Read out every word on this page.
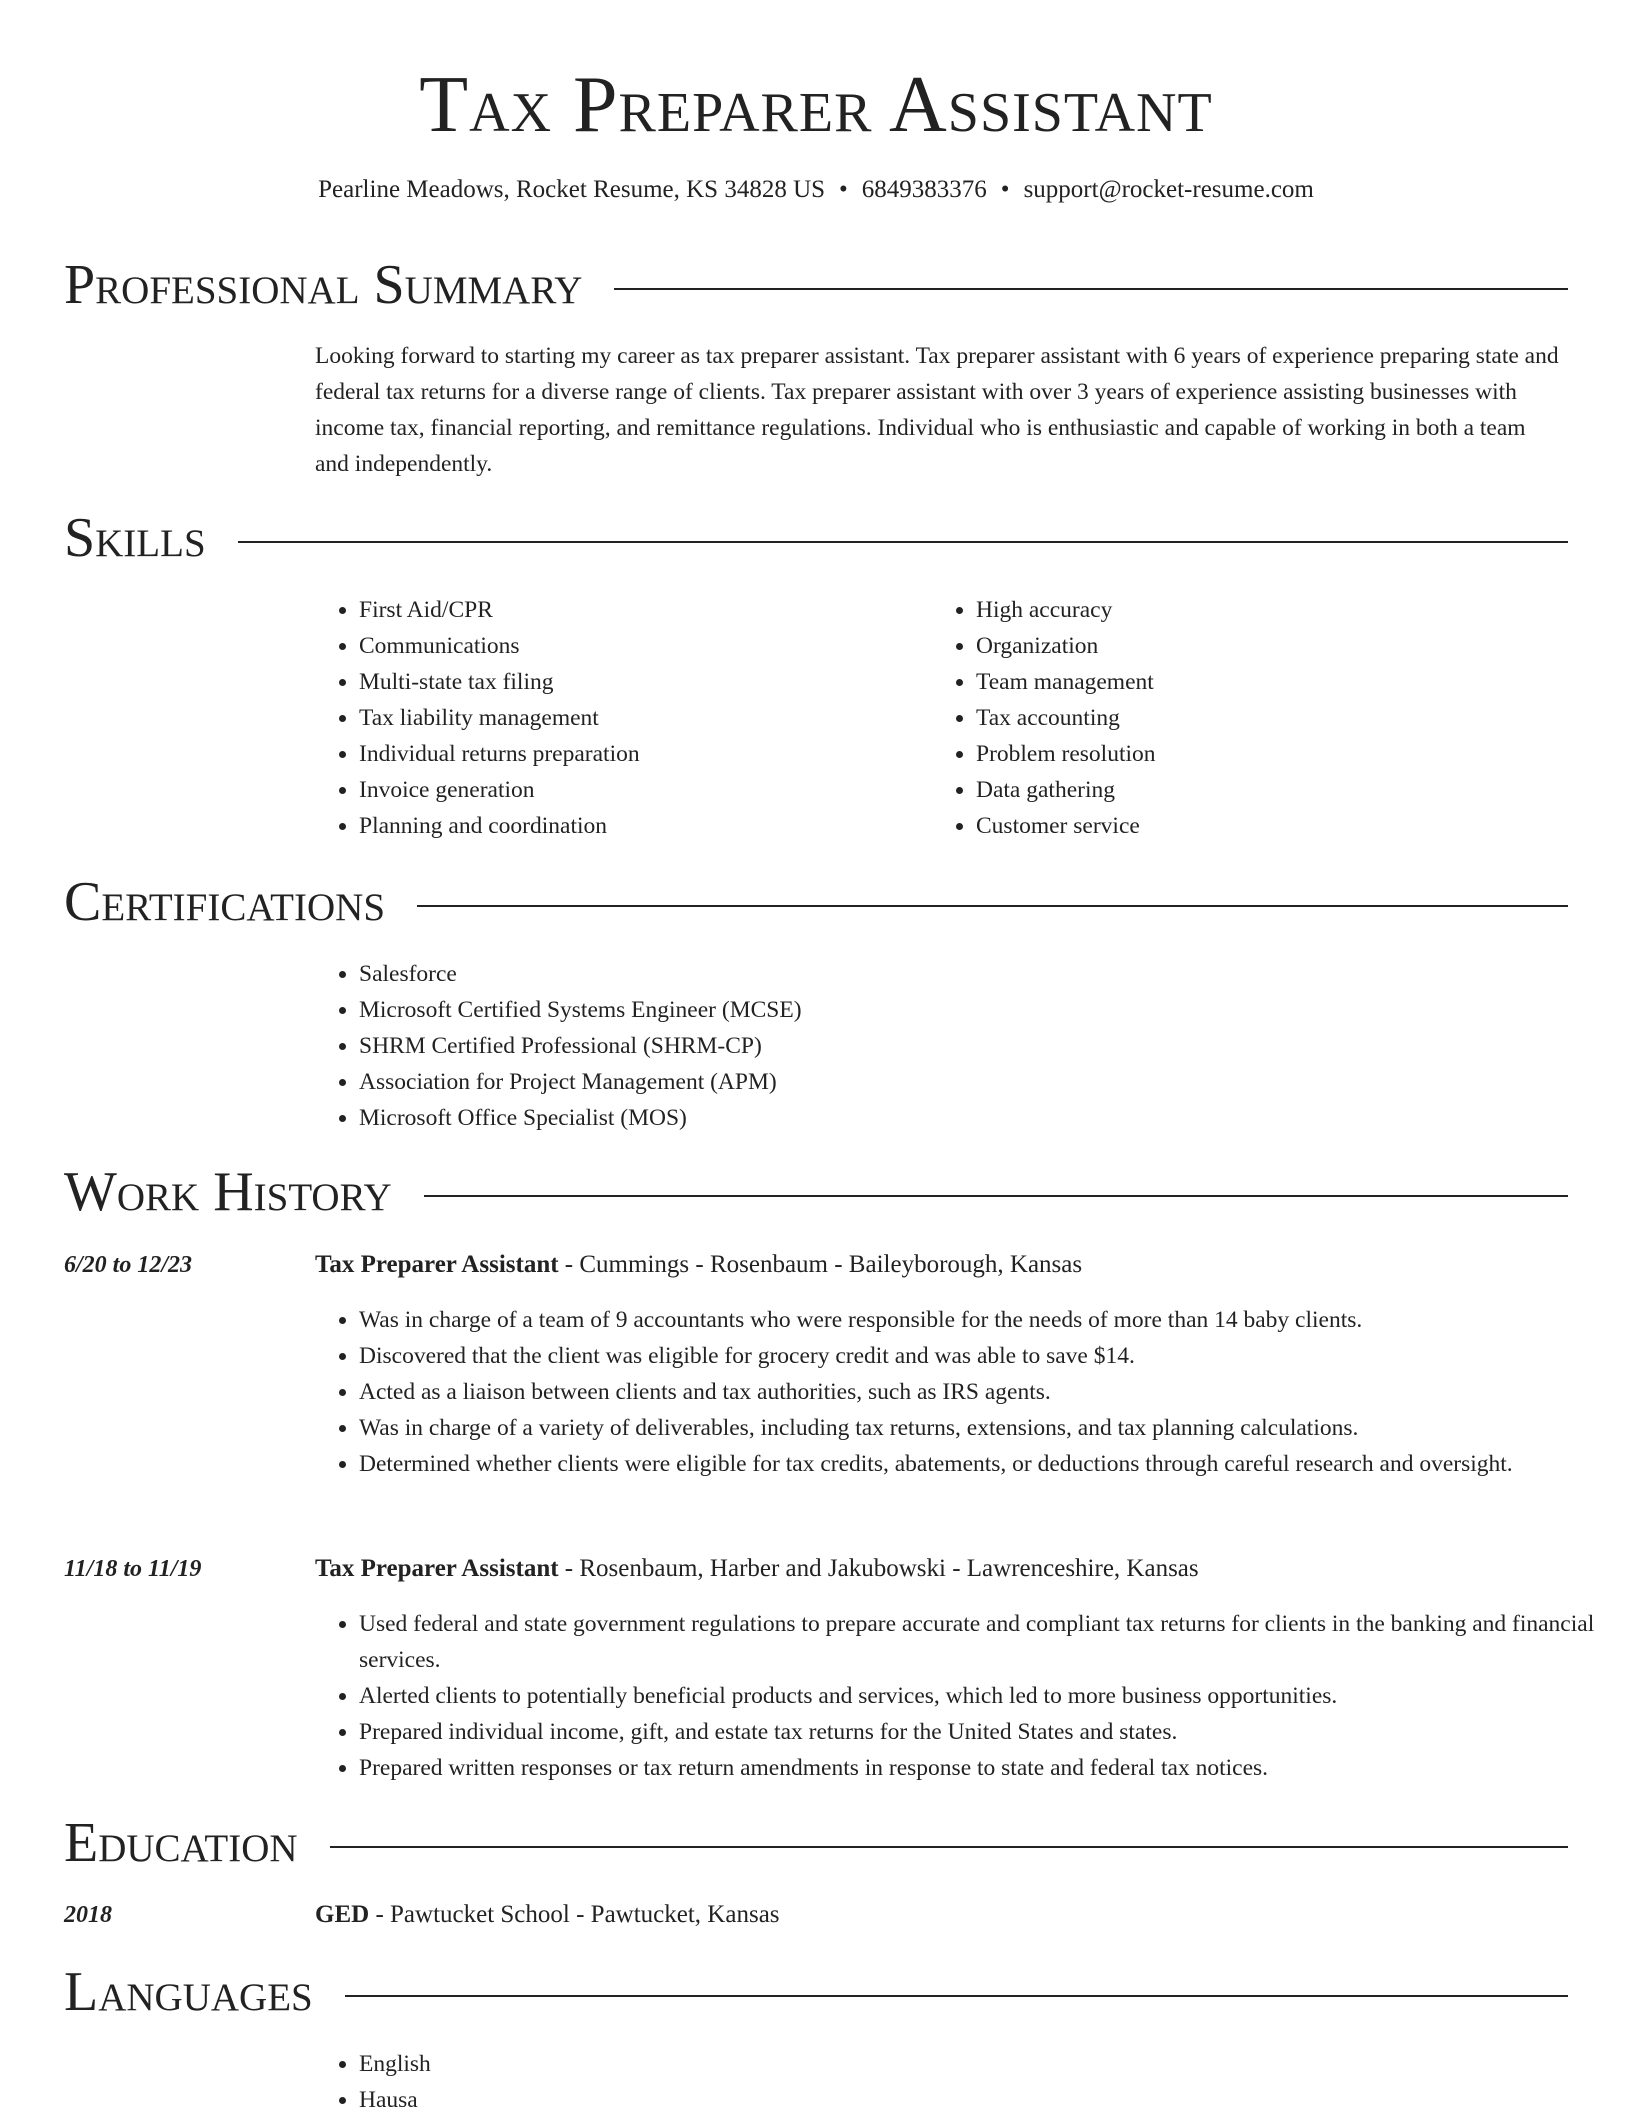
Tax Preparer Assistant
Pearline Meadows, Rocket Resume, KS 34828 US • 6849383376 • support@rocket-resume.com
Professional Summary
Looking forward to starting my career as tax preparer assistant. Tax preparer assistant with 6 years of experience preparing state and federal tax returns for a diverse range of clients. Tax preparer assistant with over 3 years of experience assisting businesses with income tax, financial reporting, and remittance regulations. Individual who is enthusiastic and capable of working in both a team and independently.
Skills
• First Aid/CPR
• Communications
• Multi-state tax filing
• Tax liability management
• Individual returns preparation
• Invoice generation
• Planning and coordination
• High accuracy
• Organization
• Team management
• Tax accounting
• Problem resolution
• Data gathering
• Customer service
Certifications
• Salesforce
• Microsoft Certified Systems Engineer (MCSE)
• SHRM Certified Professional (SHRM-CP)
• Association for Project Management (APM)
• Microsoft Office Specialist (MOS)
Work History
6/20 to 12/23	Tax Preparer Assistant - Cummings - Rosenbaum - Baileyborough, Kansas
• Was in charge of a team of 9 accountants who were responsible for the needs of more than 14 baby clients.
• Discovered that the client was eligible for grocery credit and was able to save $14.
• Acted as a liaison between clients and tax authorities, such as IRS agents.
• Was in charge of a variety of deliverables, including tax returns, extensions, and tax planning calculations.
• Determined whether clients were eligible for tax credits, abatements, or deductions through careful research and oversight.
11/18 to 11/19	Tax Preparer Assistant - Rosenbaum, Harber and Jakubowski - Lawrenceshire, Kansas
• Used federal and state government regulations to prepare accurate and compliant tax returns for clients in the banking and financial services.
• Alerted clients to potentially beneficial products and services, which led to more business opportunities.
• Prepared individual income, gift, and estate tax returns for the United States and states.
• Prepared written responses or tax return amendments in response to state and federal tax notices.
Education
2018	GED - Pawtucket School - Pawtucket, Kansas
Languages
• English
• Hausa
